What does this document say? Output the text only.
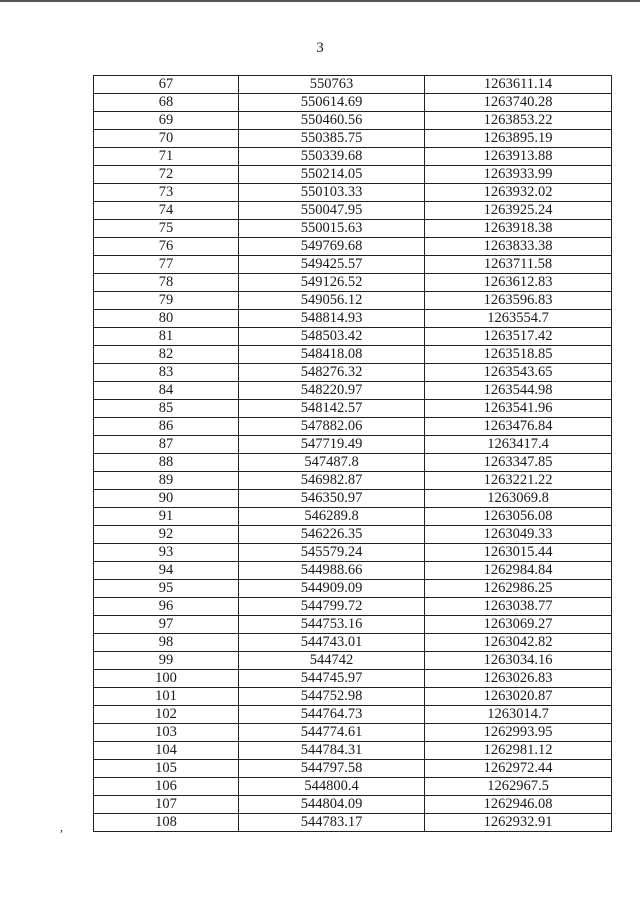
3
67	550763	1263611.14
68	550614.69	1263740.28
69	550460.56	1263853.22
70	550385.75	1263895.19
71	550339.68	1263913.88
72	550214.05	1263933.99
73	550103.33	1263932.02
74	550047.95	1263925.24
75	550015.63	1263918.38
76	549769.68	1263833.38
77	549425.57	1263711.58
78	549126.52	1263612.83
79	549056.12	1263596.83
80	548814.93	1263554.7
81	548503.42	1263517.42
82	548418.08	1263518.85
83	548276.32	1263543.65
84	548220.97	1263544.98
85	548142.57	1263541.96
86	547882.06	1263476.84
87	547719.49	1263417.4
88	547487.8	1263347.85
89	546982.87	1263221.22
90	546350.97	1263069.8
91	546289.8	1263056.08
92	546226.35	1263049.33
93	545579.24	1263015.44
94	544988.66	1262984.84
95	544909.09	1262986.25
96	544799.72	1263038.77
97	544753.16	1263069.27
98	544743.01	1263042.82
99	544742	1263034.16
100	544745.97	1263026.83
101	544752.98	1263020.87
102	544764.73	1263014.7
103	544774.61	1262993.95
104	544784.31	1262981.12
105	544797.58	1262972.44
106	544800.4	1262967.5
107	544804.09	1262946.08
108	544783.17	1262932.91
,
